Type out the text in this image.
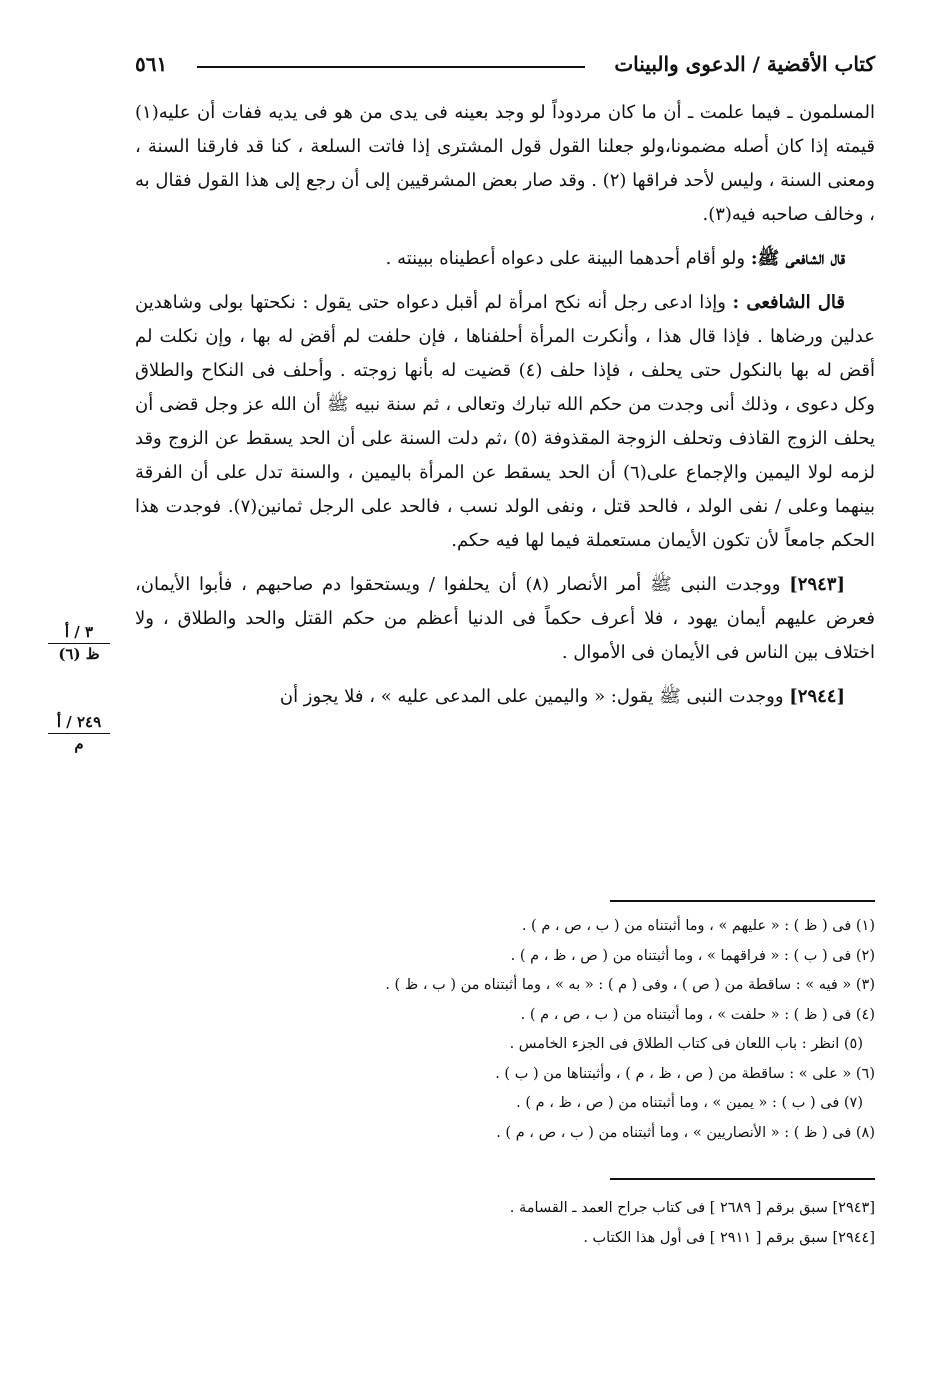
كتاب الأقضية / الدعوى والبينات
٥٦١

المسلمون ـ فيما علمت ـ أن ما كان مردوداً لو وجد بعينه فى يدى من هو فى يديه ففات أن عليه(١) قيمته إذا كان أصله مضمونا،ولو جعلنا القول قول المشترى إذا فاتت السلعة ، كنا قد فارقنا السنة ، ومعنى السنة ، وليس لأحد فراقها (٢) . وقد صار بعض المشرقيين إلى أن رجع إلى هذا القول فقال به ، وخالف صاحبه فيه(٣).

قال الشافعى ﷺ: ولو أقام أحدهما البينة على دعواه أعطيناه ببينته .

قال الشافعى : وإذا ادعى رجل أنه نكح امرأة لم أقبل دعواه حتى يقول : نكحتها بولى وشاهدين عدلين ورضاها . فإذا قال هذا ، وأنكرت المرأة أحلفناها ، فإن حلفت لم أقض له بها ، وإن نكلت لم أقض له بها بالنكول حتى يحلف ، فإذا حلف (٤) قضيت له بأنها زوجته . وأحلف فى النكاح والطلاق وكل دعوى ، وذلك أنى وجدت من حكم الله تبارك وتعالى ، ثم سنة نبيه ﷺ أن الله عز وجل قضى أن يحلف الزوج القاذف وتحلف الزوجة المقذوفة (٥) ،ثم دلت السنة على أن الحد يسقط عن الزوج وقد لزمه لولا اليمين والإجماع على(٦) أن الحد يسقط عن المرأة باليمين ، والسنة تدل على أن الفرقة بينهما وعلى / نفى الولد ، فالحد قتل ، ونفى الولد نسب ، فالحد على الرجل ثمانين(٧). فوجدت هذا الحكم جامعاً لأن تكون الأيمان مستعملة فيما لها فيه حكم.

[٢٩٤٣] ووجدت النبى ﷺ أمر الأنصار (٨) أن يحلفوا / ويستحقوا دم صاحبهم ، فأبوا الأيمان، فعرض عليهم أيمان يهود ، فلا أعرف حكماً فى الدنيا أعظم من حكم القتل والحد والطلاق ، ولا اختلاف بين الناس فى الأيمان فى الأموال .

[٢٩٤٤] ووجدت النبى ﷺ يقول: « واليمين على المدعى عليه » ، فلا يجوز أن

٣ / أ
ظ (٦)
٢٤٩ / أ
م
(١) فى ( ظ ) : « عليهم » ، وما أثبتناه من ( ب ، ص ، م ) .
(٢) فى ( ب ) : « فراقهما » ، وما أثبتناه من ( ص ، ظ ، م ) .
(٣) « فيه » : ساقطة من ( ص ) ، وفى ( م ) : « به » ، وما أثبتناه من ( ب ، ظ ) .
(٤) فى ( ظ ) : « حلفت » ، وما أثبتناه من ( ب ، ص ، م ) .
(٥) انظر : باب اللعان فى كتاب الطلاق فى الجزء الخامس .
(٦) « على » : ساقطة من ( ص ، ظ ، م ) ، وأثبتناها من ( ب ) .
(٧) فى ( ب ) : « يمين » ، وما أثبتناه من ( ص ، ظ ، م ) .
(٨) فى ( ظ ) : « الأنصاريين » ، وما أثبتناه من ( ب ، ص ، م ) .
[٢٩٤٣] سبق برقم [ ٢٦٨٩ ] فى كتاب جراح العمد ـ القسامة .
[٢٩٤٤] سبق برقم [ ٢٩١١ ] فى أول هذا الكتاب .
